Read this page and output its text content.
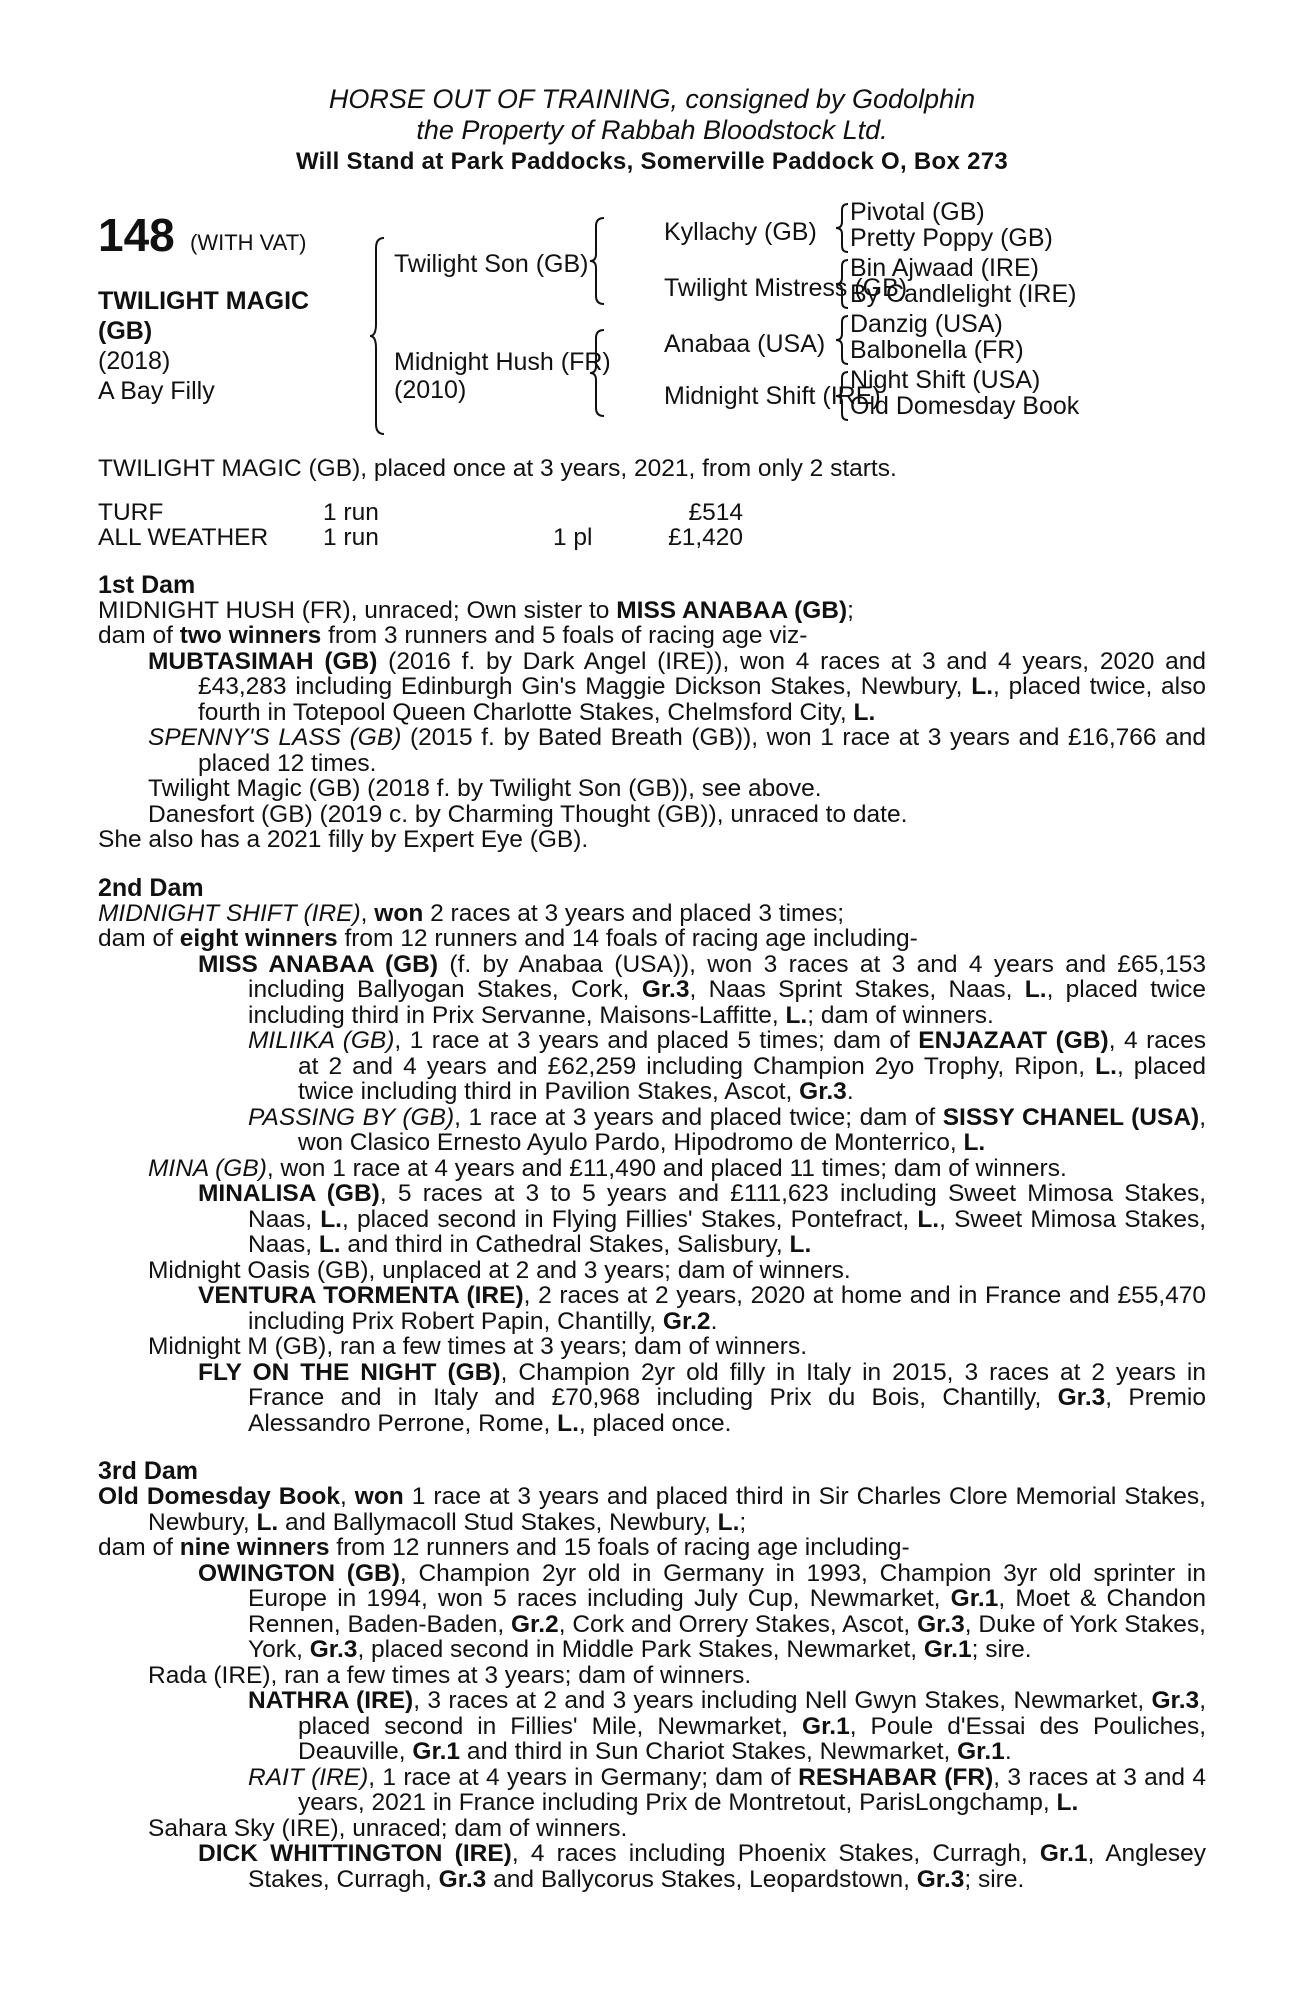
HORSE OUT OF TRAINING, consigned by Godolphin
the Property of Rabbah Bloodstock Ltd.
Will Stand at Park Paddocks, Somerville Paddock O, Box 273
148 (WITH VAT)
TWILIGHT MAGIC
(GB)
(2018)
A Bay Filly
Twilight Son (GB)
Midnight Hush (FR)
(2010)
Kyllachy (GB)
Twilight Mistress (GB)
Anabaa (USA)
Midnight Shift (IRE)
Pivotal (GB)
Pretty Poppy (GB)
Bin Ajwaad (IRE)
By Candlelight (IRE)
Danzig (USA)
Balbonella (FR)
Night Shift (USA)
Old Domesday Book
TWILIGHT MAGIC (GB), placed once at 3 years, 2021, from only 2 starts.
TURF	1 run		£514
ALL WEATHER	1 run	1 pl	£1,420
1st Dam
MIDNIGHT HUSH (FR), unraced; Own sister to MISS ANABAA (GB);
dam of two winners from 3 runners and 5 foals of racing age viz-
MUBTASIMAH (GB) (2016 f. by Dark Angel (IRE)), won 4 races at 3 and 4 years, 2020 and £43,283 including Edinburgh Gin's Maggie Dickson Stakes, Newbury, L., placed twice, also fourth in Totepool Queen Charlotte Stakes, Chelmsford City, L.
SPENNY'S LASS (GB) (2015 f. by Bated Breath (GB)), won 1 race at 3 years and £16,766 and placed 12 times.
Twilight Magic (GB) (2018 f. by Twilight Son (GB)), see above.
Danesfort (GB) (2019 c. by Charming Thought (GB)), unraced to date.
She also has a 2021 filly by Expert Eye (GB).
2nd Dam
MIDNIGHT SHIFT (IRE), won 2 races at 3 years and placed 3 times;
dam of eight winners from 12 runners and 14 foals of racing age including-
MISS ANABAA (GB) (f. by Anabaa (USA)), won 3 races at 3 and 4 years and £65,153 including Ballyogan Stakes, Cork, Gr.3, Naas Sprint Stakes, Naas, L., placed twice including third in Prix Servanne, Maisons-Laffitte, L.; dam of winners.
MILIIKA (GB), 1 race at 3 years and placed 5 times; dam of ENJAZAAT (GB), 4 races at 2 and 4 years and £62,259 including Champion 2yo Trophy, Ripon, L., placed twice including third in Pavilion Stakes, Ascot, Gr.3.
PASSING BY (GB), 1 race at 3 years and placed twice; dam of SISSY CHANEL (USA), won Clasico Ernesto Ayulo Pardo, Hipodromo de Monterrico, L.
MINA (GB), won 1 race at 4 years and £11,490 and placed 11 times; dam of winners.
MINALISA (GB), 5 races at 3 to 5 years and £111,623 including Sweet Mimosa Stakes, Naas, L., placed second in Flying Fillies' Stakes, Pontefract, L., Sweet Mimosa Stakes, Naas, L. and third in Cathedral Stakes, Salisbury, L.
Midnight Oasis (GB), unplaced at 2 and 3 years; dam of winners.
VENTURA TORMENTA (IRE), 2 races at 2 years, 2020 at home and in France and £55,470 including Prix Robert Papin, Chantilly, Gr.2.
Midnight M (GB), ran a few times at 3 years; dam of winners.
FLY ON THE NIGHT (GB), Champion 2yr old filly in Italy in 2015, 3 races at 2 years in France and in Italy and £70,968 including Prix du Bois, Chantilly, Gr.3, Premio Alessandro Perrone, Rome, L., placed once.
3rd Dam
Old Domesday Book, won 1 race at 3 years and placed third in Sir Charles Clore Memorial Stakes, Newbury, L. and Ballymacoll Stud Stakes, Newbury, L.;
dam of nine winners from 12 runners and 15 foals of racing age including-
OWINGTON (GB), Champion 2yr old in Germany in 1993, Champion 3yr old sprinter in Europe in 1994, won 5 races including July Cup, Newmarket, Gr.1, Moet & Chandon Rennen, Baden-Baden, Gr.2, Cork and Orrery Stakes, Ascot, Gr.3, Duke of York Stakes, York, Gr.3, placed second in Middle Park Stakes, Newmarket, Gr.1; sire.
Rada (IRE), ran a few times at 3 years; dam of winners.
NATHRA (IRE), 3 races at 2 and 3 years including Nell Gwyn Stakes, Newmarket, Gr.3, placed second in Fillies' Mile, Newmarket, Gr.1, Poule d'Essai des Pouliches, Deauville, Gr.1 and third in Sun Chariot Stakes, Newmarket, Gr.1.
RAIT (IRE), 1 race at 4 years in Germany; dam of RESHABAR (FR), 3 races at 3 and 4 years, 2021 in France including Prix de Montretout, ParisLongchamp, L.
Sahara Sky (IRE), unraced; dam of winners.
DICK WHITTINGTON (IRE), 4 races including Phoenix Stakes, Curragh, Gr.1, Anglesey Stakes, Curragh, Gr.3 and Ballycorus Stakes, Leopardstown, Gr.3; sire.
